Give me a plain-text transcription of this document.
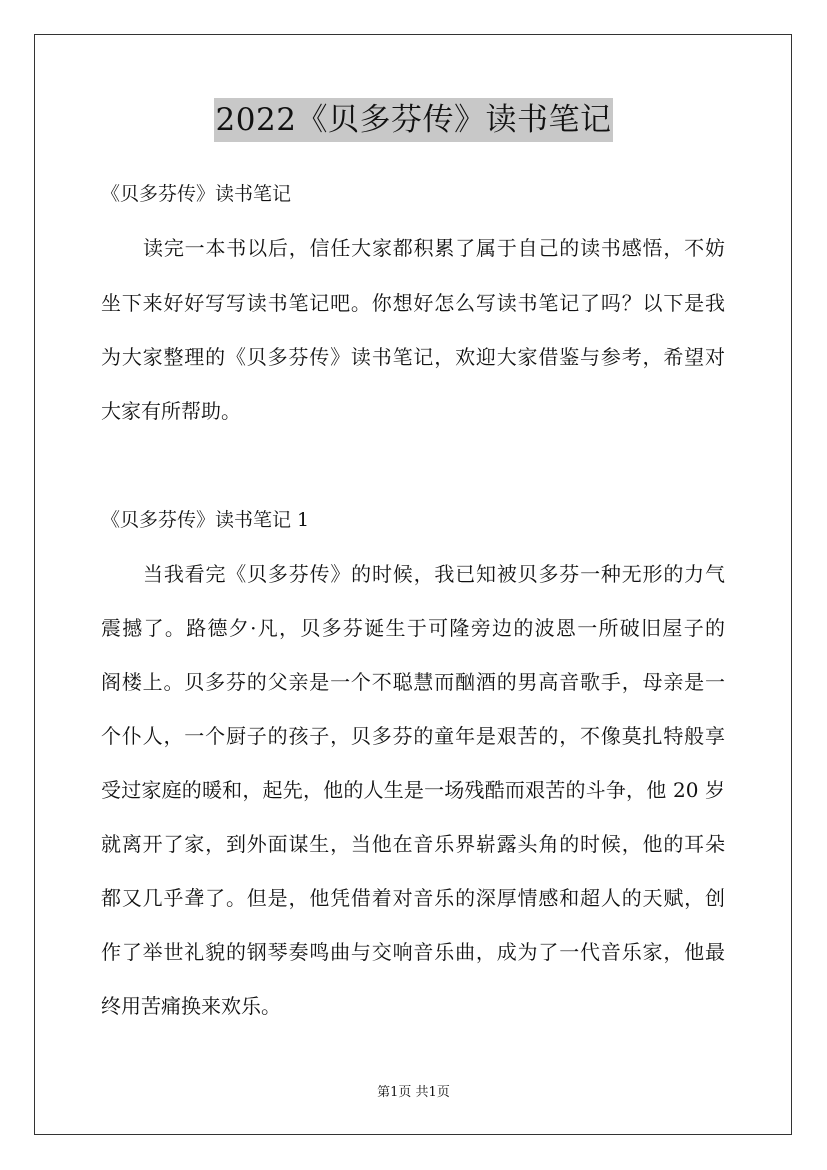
2022《贝多芬传》读书笔记
《贝多芬传》读书笔记
读完一本书以后，信任大家都积累了属于自己的读书感悟，不妨
坐下来好好写写读书笔记吧。你想好怎么写读书笔记了吗？以下是我
为大家整理的《贝多芬传》读书笔记，欢迎大家借鉴与参考，希望对
大家有所帮助。
《贝多芬传》读书笔记 1
当我看完《贝多芬传》的时候，我已知被贝多芬一种无形的力气
震撼了。路德夕·凡，贝多芬诞生于可隆旁边的波恩一所破旧屋子的
阁楼上。贝多芬的父亲是一个不聪慧而酗酒的男高音歌手，母亲是一
个仆人，一个厨子的孩子，贝多芬的童年是艰苦的，不像莫扎特般享
受过家庭的暖和，起先，他的人生是一场残酷而艰苦的斗争，他 20 岁
就离开了家，到外面谋生，当他在音乐界崭露头角的时候，他的耳朵
都又几乎聋了。但是，他凭借着对音乐的深厚情感和超人的天赋，创
作了举世礼貌的钢琴奏鸣曲与交响音乐曲，成为了一代音乐家，他最
终用苦痛换来欢乐。
第1页 共1页
